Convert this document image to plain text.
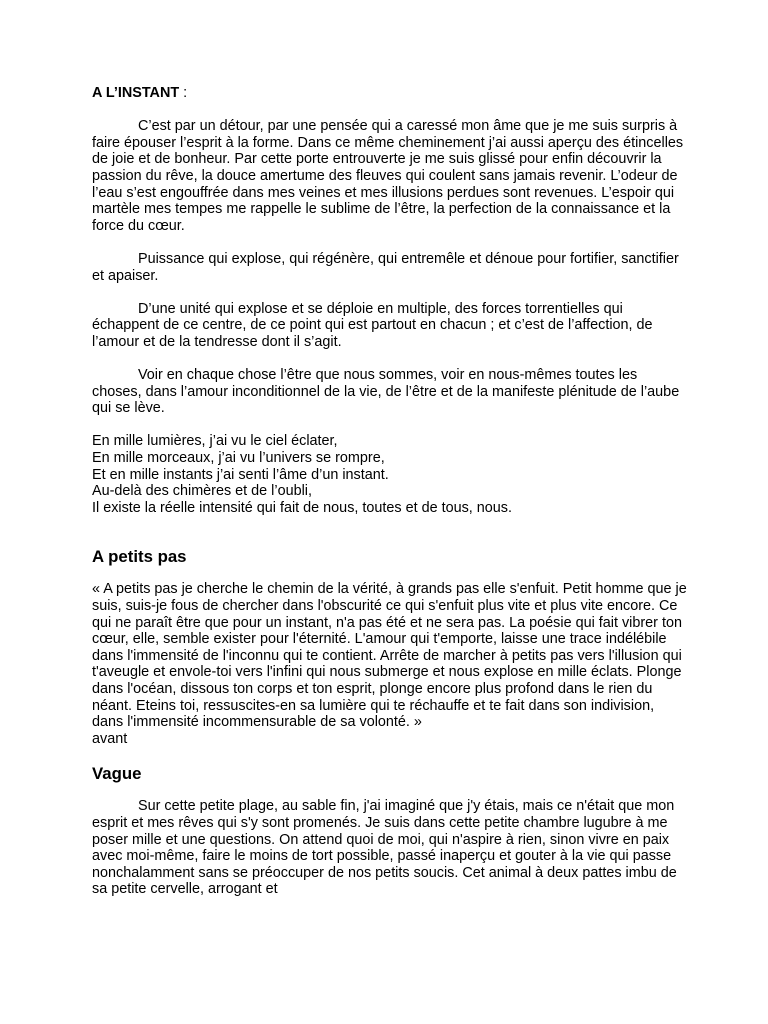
A L’INSTANT :

C’est par un détour, par une pensée qui a caressé mon âme que je me suis surpris à faire épouser l’esprit à la forme. Dans ce même cheminement j’ai aussi aperçu des étincelles de joie et de bonheur. Par cette porte entrouverte je me suis glissé pour enfin découvrir la passion du rêve, la douce amertume des fleuves qui coulent sans jamais revenir. L’odeur de l’eau s’est engouffrée dans mes veines et mes illusions perdues sont revenues. L’espoir qui martèle mes tempes me rappelle le sublime de l’être, la perfection de la connaissance et la force du cœur.

Puissance qui explose, qui régénère, qui entremêle et dénoue pour fortifier, sanctifier et apaiser.

D’une unité qui explose et se déploie en multiple, des forces torrentielles qui échappent de ce centre, de ce point qui est partout en chacun ; et c’est de l’affection, de l’amour et de la tendresse dont il s’agit.

Voir en chaque chose l’être que nous sommes, voir en nous-mêmes toutes les choses, dans l’amour inconditionnel de la vie, de l’être et de la manifeste plénitude de l’aube qui se lève.

En mille lumières, j’ai vu le ciel éclater,
En mille morceaux, j’ai vu l’univers se rompre,
Et en mille instants j’ai senti l’âme d’un instant.
Au-delà des chimères et de l’oubli,
Il existe la réelle intensité qui fait de nous, toutes et de tous, nous.
A petits pas

« A petits pas je cherche le chemin de la vérité, à grands pas elle s'enfuit. Petit homme que je suis, suis-je fous de chercher dans l'obscurité ce qui s'enfuit plus vite et plus vite encore. Ce qui ne paraît être que pour un instant, n'a pas été et ne sera pas. La poésie qui fait vibrer ton cœur, elle, semble exister pour l'éternité. L'amour qui t'emporte, laisse une trace indélébile dans l'immensité de l'inconnu qui te contient. Arrête de marcher à petits pas vers l'illusion qui t'aveugle et envole-toi vers l'infini qui nous submerge et nous explose en mille éclats. Plonge dans l'océan, dissous ton corps et ton esprit, plonge encore plus profond dans le rien du néant. Eteins toi, ressuscites-en sa lumière qui te réchauffe et te fait dans son indivision, dans l'immensité incommensurable de sa volonté. »

avant
Vague

Sur cette petite plage, au sable fin, j'ai imaginé que j'y étais, mais ce n'était que mon esprit et mes rêves qui s'y sont promenés. Je suis dans cette petite chambre lugubre à me poser mille et une questions. On attend quoi de moi, qui n'aspire à rien, sinon vivre en paix avec moi-même, faire le moins de tort possible, passé inaperçu et gouter à la vie qui passe nonchalamment sans se préoccuper de nos petits soucis. Cet animal à deux pattes imbu de sa petite cervelle, arrogant et
